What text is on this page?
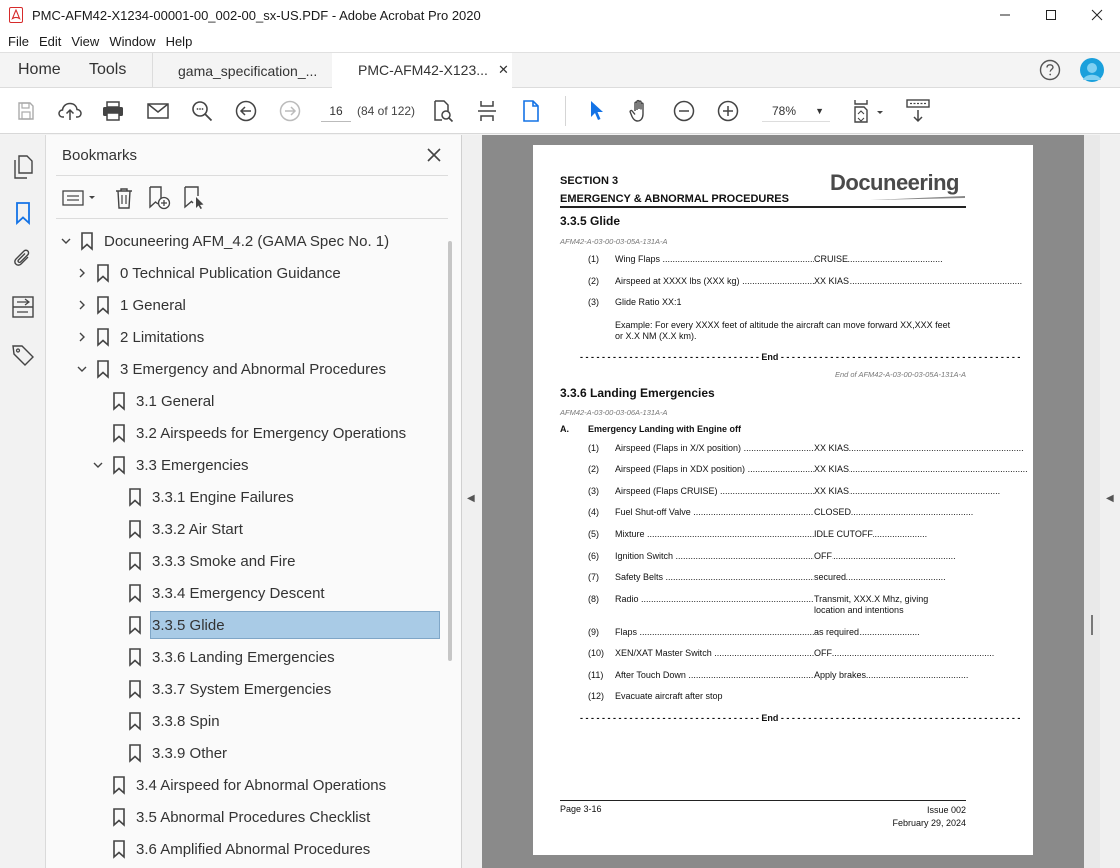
PMC-AFM42-X1234-00001-00_002-00_sx-US.PDF - Adobe Acrobat Pro 2020
File Edit View Window Help
Home Tools	gama_specification_...	PMC-AFM42-X123... ✕
16	(84 of 122)	78% ▼
Bookmarks
Docuneering AFM_4.2 (GAMA Spec No. 1)
0 Technical Publication Guidance
1 General
2 Limitations
3 Emergency and Abnormal Procedures
3.1 General
3.2 Airspeeds for Emergency Operations
3.3 Emergencies
3.3.1 Engine Failures
3.3.2 Air Start
3.3.3 Smoke and Fire
3.3.4 Emergency Descent
3.3.5 Glide
3.3.6 Landing Emergencies
3.3.7 System Emergencies
3.3.8 Spin
3.3.9 Other
3.4 Airspeed for Abnormal Operations
3.5 Abnormal Procedures Checklist
3.6 Amplified Abnormal Procedures
◀
SECTION 3
EMERGENCY & ABNORMAL PROCEDURES
Docuneering
3.3.5 Glide
AFM42-A-03-00-03-05A-131A-A
(1) Wing Flaps .....	CRUISE
(2) Airspeed at XXXX lbs (XXX kg) .....	XX KIAS
(3) Glide Ratio XX:1
Example: For every XXXX feet of altitude the aircraft can move forward XX,XXX feet or X.X NM (X.X km).
- - - - - - - - - - - - - - - - - - - - - - - - - - - - - - - - - End - - - - - - - - - - - - - - - - - - - - - - - - - - - - - - - - - - - - - - - - - - - -
End of AFM42-A-03-00-03-05A-131A-A
3.3.6 Landing Emergencies
AFM42-A-03-00-03-06A-131A-A
A. Emergency Landing with Engine off
(1) Airspeed (Flaps in X/X position) .....	XX KIAS
(2) Airspeed (Flaps in XDX position) .....	XX KIAS
(3) Airspeed (Flaps CRUISE) .....	XX KIAS
(4) Fuel Shut-off Valve .....	CLOSED
(5) Mixture .....	IDLE CUTOFF
(6) Ignition Switch .....	OFF
(7) Safety Belts .....	secured
(8) Radio .....	Transmit, XXX.X Mhz, giving
location and intentions
(9) Flaps .....	as required
(10) XEN/XAT Master Switch .....	OFF
(11) After Touch Down .....	Apply brakes
(12) Evacuate aircraft after stop
- - - - - - - - - - - - - - - - - - - - - - - - - - - - - - - - - End - - - - - - - - - - - - - - - - - - - - - - - - - - - - - - - - - - - - - - - - - - - -
Page 3-16	Issue 002
February 29, 2024
◀
